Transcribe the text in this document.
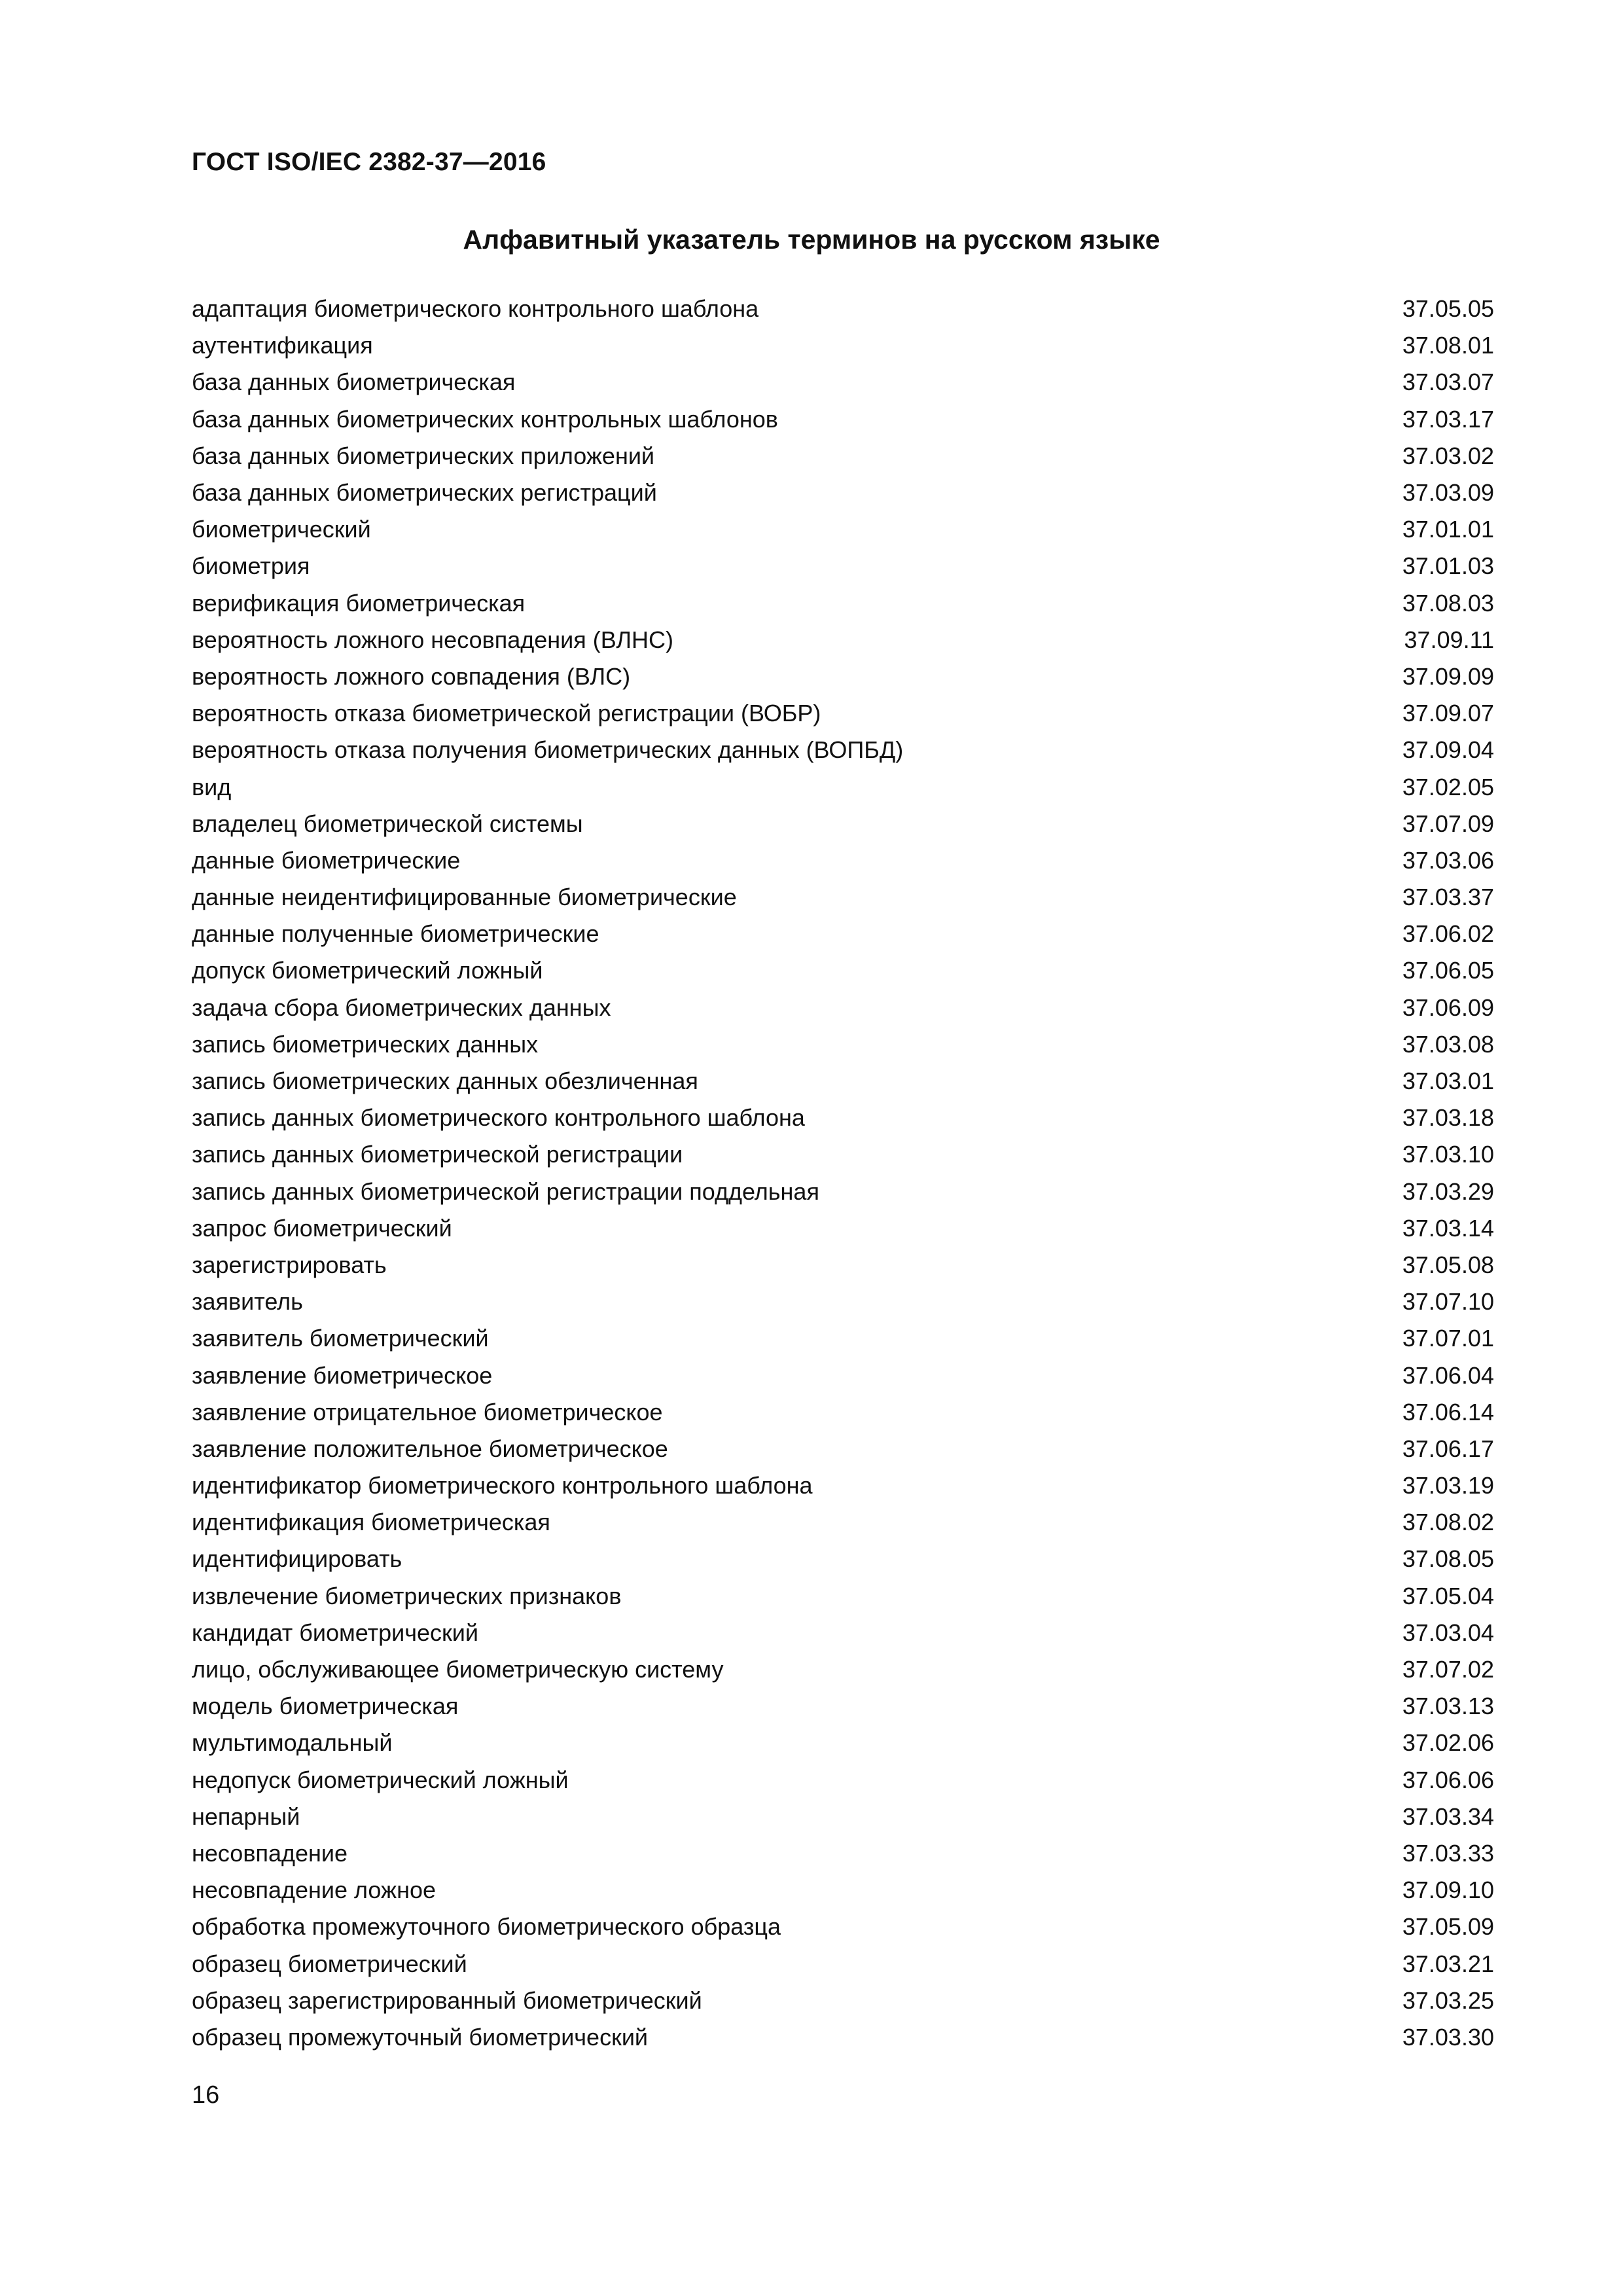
ГОСТ ISO/IEC 2382-37—2016
Алфавитный указатель терминов на русском языке
адаптация биометрического контрольного шаблона	37.05.05
аутентификация	37.08.01
база данных биометрическая	37.03.07
база данных биометрических контрольных шаблонов	37.03.17
база данных биометрических приложений	37.03.02
база данных биометрических регистраций	37.03.09
биометрический	37.01.01
биометрия	37.01.03
верификация биометрическая	37.08.03
вероятность ложного несовпадения (ВЛНС)	37.09.11
вероятность ложного совпадения (ВЛС)	37.09.09
вероятность отказа биометрической регистрации (ВОБР)	37.09.07
вероятность отказа получения биометрических данных (ВОПБД)	37.09.04
вид	37.02.05
владелец биометрической системы	37.07.09
данные биометрические	37.03.06
данные неидентифицированные биометрические	37.03.37
данные полученные биометрические	37.06.02
допуск биометрический ложный	37.06.05
задача сбора биометрических данных	37.06.09
запись биометрических данных	37.03.08
запись биометрических данных обезличенная	37.03.01
запись данных биометрического контрольного шаблона	37.03.18
запись данных биометрической регистрации	37.03.10
запись данных биометрической регистрации поддельная	37.03.29
запрос биометрический	37.03.14
зарегистрировать	37.05.08
заявитель	37.07.10
заявитель биометрический	37.07.01
заявление биометрическое	37.06.04
заявление отрицательное биометрическое	37.06.14
заявление положительное биометрическое	37.06.17
идентификатор биометрического контрольного шаблона	37.03.19
идентификация биометрическая	37.08.02
идентифицировать	37.08.05
извлечение биометрических признаков	37.05.04
кандидат биометрический	37.03.04
лицо, обслуживающее биометрическую систему	37.07.02
модель биометрическая	37.03.13
мультимодальный	37.02.06
недопуск биометрический ложный	37.06.06
непарный	37.03.34
несовпадение	37.03.33
несовпадение ложное	37.09.10
обработка промежуточного биометрического образца	37.05.09
образец биометрический	37.03.21
образец зарегистрированный биометрический	37.03.25
образец промежуточный биометрический	37.03.30
16
